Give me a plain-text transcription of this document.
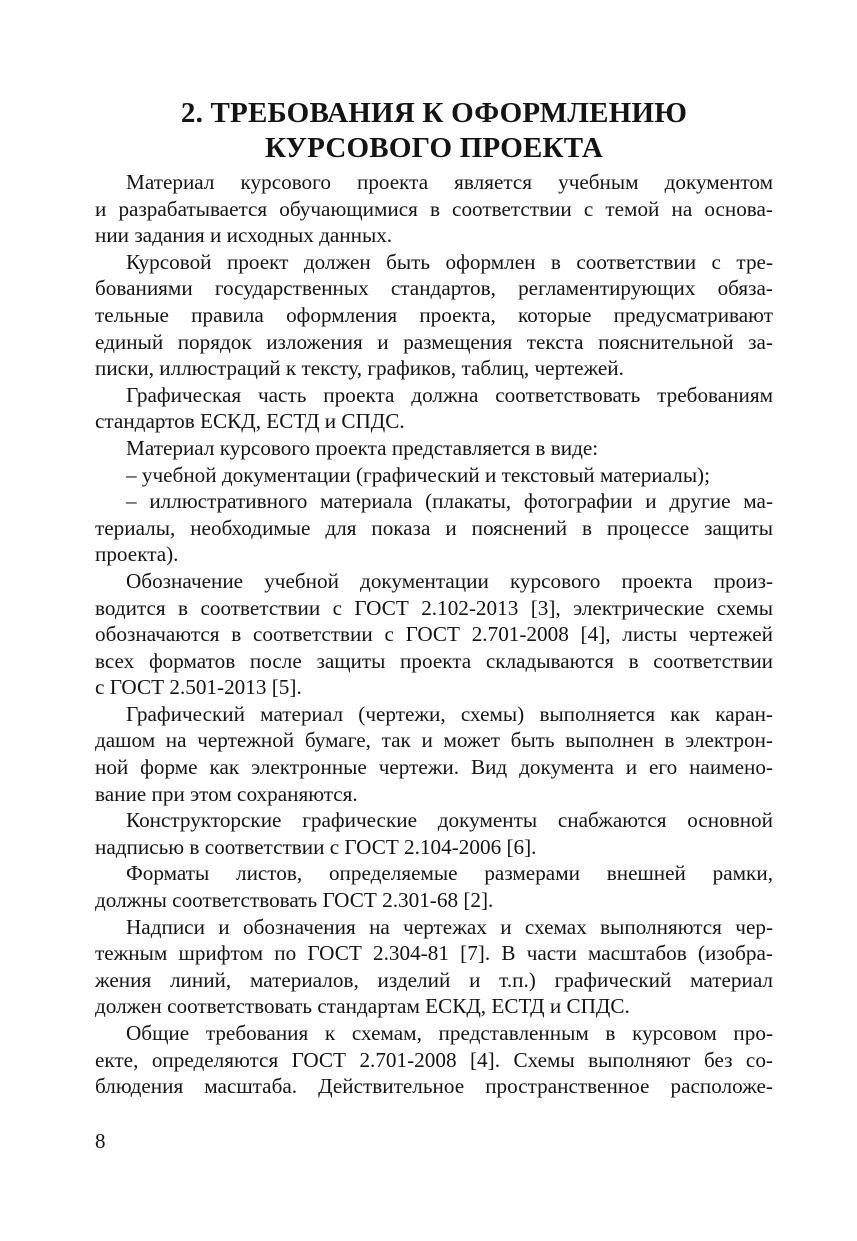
2. ТРЕБОВАНИЯ К ОФОРМЛЕНИЮ
КУРСОВОГО ПРОЕКТА
Материал курсового проекта является учебным документом
и разрабатывается обучающимися в соответствии с темой на основа-
нии задания и исходных данных.
Курсовой проект должен быть оформлен в соответствии с тре-
бованиями государственных стандартов, регламентирующих обяза-
тельные правила оформления проекта, которые предусматривают
единый порядок изложения и размещения текста пояснительной за-
писки, иллюстраций к тексту, графиков, таблиц, чертежей.
Графическая часть проекта должна соответствовать требованиям
стандартов ЕСКД, ЕСТД и СПДС.
Материал курсового проекта представляется в виде:
– учебной документации (графический и текстовый материалы);
– иллюстративного материала (плакаты, фотографии и другие ма-
териалы, необходимые для показа и пояснений в процессе защиты
проекта).
Обозначение учебной документации курсового проекта произ-
водится в соответствии с ГОСТ 2.102-2013 [3], электрические схемы
обозначаются в соответствии с ГОСТ 2.701-2008 [4], листы чертежей
всех форматов после защиты проекта складываются в соответствии
с ГОСТ 2.501-2013 [5].
Графический материал (чертежи, схемы) выполняется как каран-
дашом на чертежной бумаге, так и может быть выполнен в электрон-
ной форме как электронные чертежи. Вид документа и его наимено-
вание при этом сохраняются.
Конструкторские графические документы снабжаются основной
надписью в соответствии с ГОСТ 2.104-2006 [6].
Форматы листов, определяемые размерами внешней рамки,
должны соответствовать ГОСТ 2.301-68 [2].
Надписи и обозначения на чертежах и схемах выполняются чер-
тежным шрифтом по ГОСТ 2.304-81 [7]. В части масштабов (изобра-
жения линий, материалов, изделий и т.п.) графический материал
должен соответствовать стандартам ЕСКД, ЕСТД и СПДС.
Общие требования к схемам, представленным в курсовом про-
екте, определяются ГОСТ 2.701-2008 [4]. Схемы выполняют без со-
блюдения масштаба. Действительное пространственное расположе-
8
